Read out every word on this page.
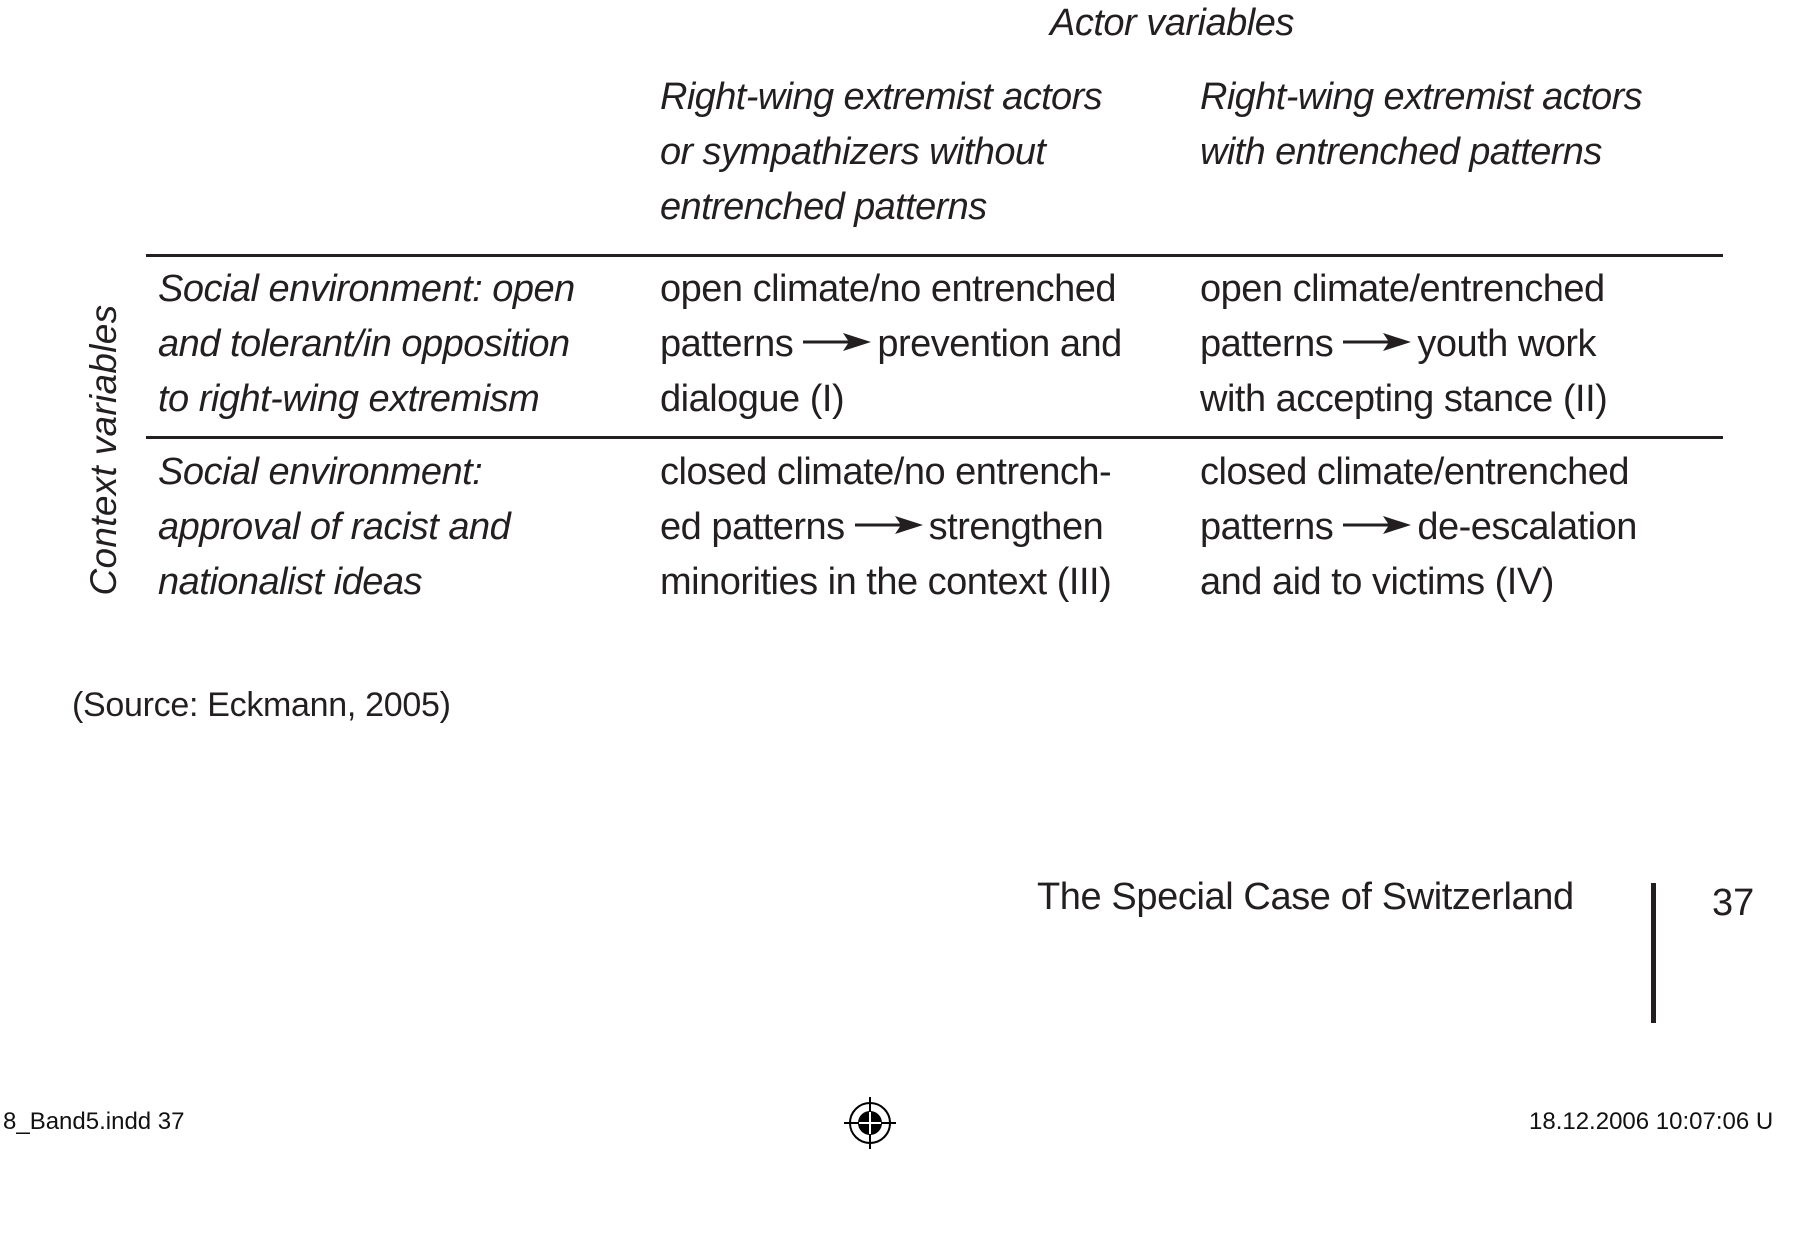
Actor variables
Right-wing extremist actors
or sympathizers without
entrenched patterns
Right-wing extremist actors
with entrenched patterns
Context variables
Social environment: open
and tolerant/in opposition
to right-wing extremism
open climate/no entrenched
patterns prevention and
dialogue (I)
open climate/entrenched
patterns youth work
with accepting stance (II)
Social environment:
approval of racist and
nationalist ideas
closed climate/no entrench-
ed patterns strengthen
minorities in the context (III)
closed climate/entrenched
patterns de-escalation
and aid to victims (IV)
(Source: Eckmann, 2005)
The Special Case of Switzerland	37
8_Band5.indd 37	18.12.2006 10:07:06 U
